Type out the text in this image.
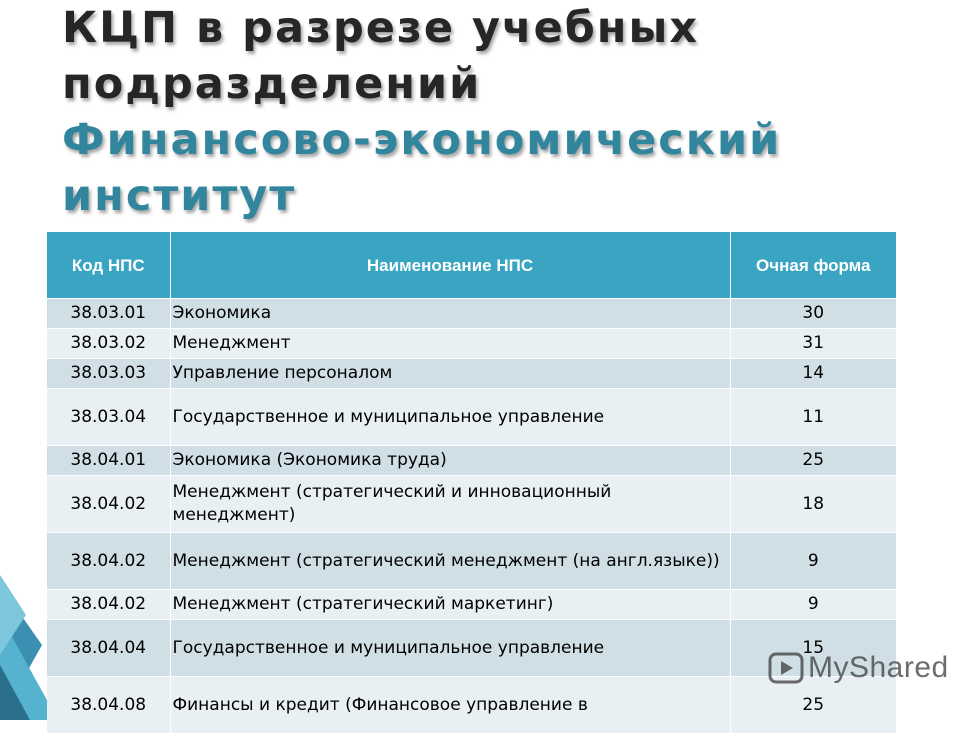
КЦП в разрезе учебных подразделений
Финансово-экономический институт
Код НПС	Наименование НПС	Очная форма
38.03.01	Экономика	30
38.03.02	Менеджмент	31
38.03.03	Управление персоналом	14
38.03.04	Государственное и муниципальное управление	11
38.04.01	Экономика (Экономика труда)	25
38.04.02	Менеджмент (стратегический и инновационный менеджмент)	18
38.04.02	Менеджмент (стратегический менеджмент (на англ.языке))	9
38.04.02	Менеджмент (стратегический маркетинг)	9
38.04.04	Государственное и муниципальное управление	15
38.04.08	Финансы и кредит (Финансовое управление в	25
MyShared
